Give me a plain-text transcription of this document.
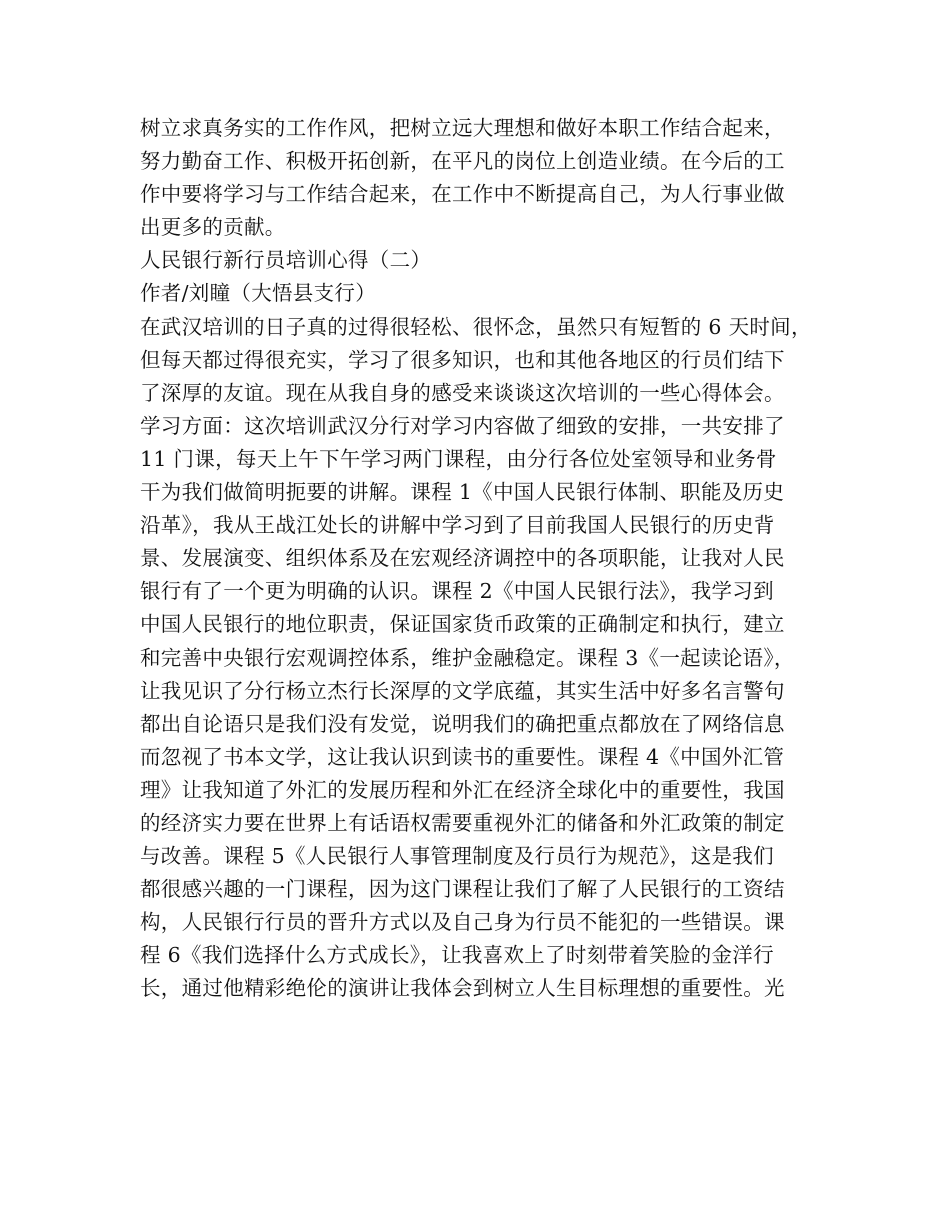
树立求真务实的工作作风，把树立远大理想和做好本职工作结合起来，
努力勤奋工作、积极开拓创新，在平凡的岗位上创造业绩。在今后的工
作中要将学习与工作结合起来，在工作中不断提高自己，为人行事业做
出更多的贡献。
人民银行新行员培训心得（二）
作者/刘瞳（大悟县支行）
在武汉培训的日子真的过得很轻松、很怀念，虽然只有短暂的 6 天时间，
但每天都过得很充实，学习了很多知识，也和其他各地区的行员们结下
了深厚的友谊。现在从我自身的感受来谈谈这次培训的一些心得体会。
学习方面：这次培训武汉分行对学习内容做了细致的安排，一共安排了
11 门课，每天上午下午学习两门课程，由分行各位处室领导和业务骨
干为我们做简明扼要的讲解。课程 1《中国人民银行体制、职能及历史
沿革》，我从王战江处长的讲解中学习到了目前我国人民银行的历史背
景、发展演变、组织体系及在宏观经济调控中的各项职能，让我对人民
银行有了一个更为明确的认识。课程 2《中国人民银行法》，我学习到
中国人民银行的地位职责，保证国家货币政策的正确制定和执行，建立
和完善中央银行宏观调控体系，维护金融稳定。课程 3《一起读论语》，
让我见识了分行杨立杰行长深厚的文学底蕴，其实生活中好多名言警句
都出自论语只是我们没有发觉，说明我们的确把重点都放在了网络信息
而忽视了书本文学，这让我认识到读书的重要性。课程 4《中国外汇管
理》让我知道了外汇的发展历程和外汇在经济全球化中的重要性，我国
的经济实力要在世界上有话语权需要重视外汇的储备和外汇政策的制定
与改善。课程 5《人民银行人事管理制度及行员行为规范》，这是我们
都很感兴趣的一门课程，因为这门课程让我们了解了人民银行的工资结
构，人民银行行员的晋升方式以及自己身为行员不能犯的一些错误。课
程 6《我们选择什么方式成长》，让我喜欢上了时刻带着笑脸的金洋行
长，通过他精彩绝伦的演讲让我体会到树立人生目标理想的重要性。光
